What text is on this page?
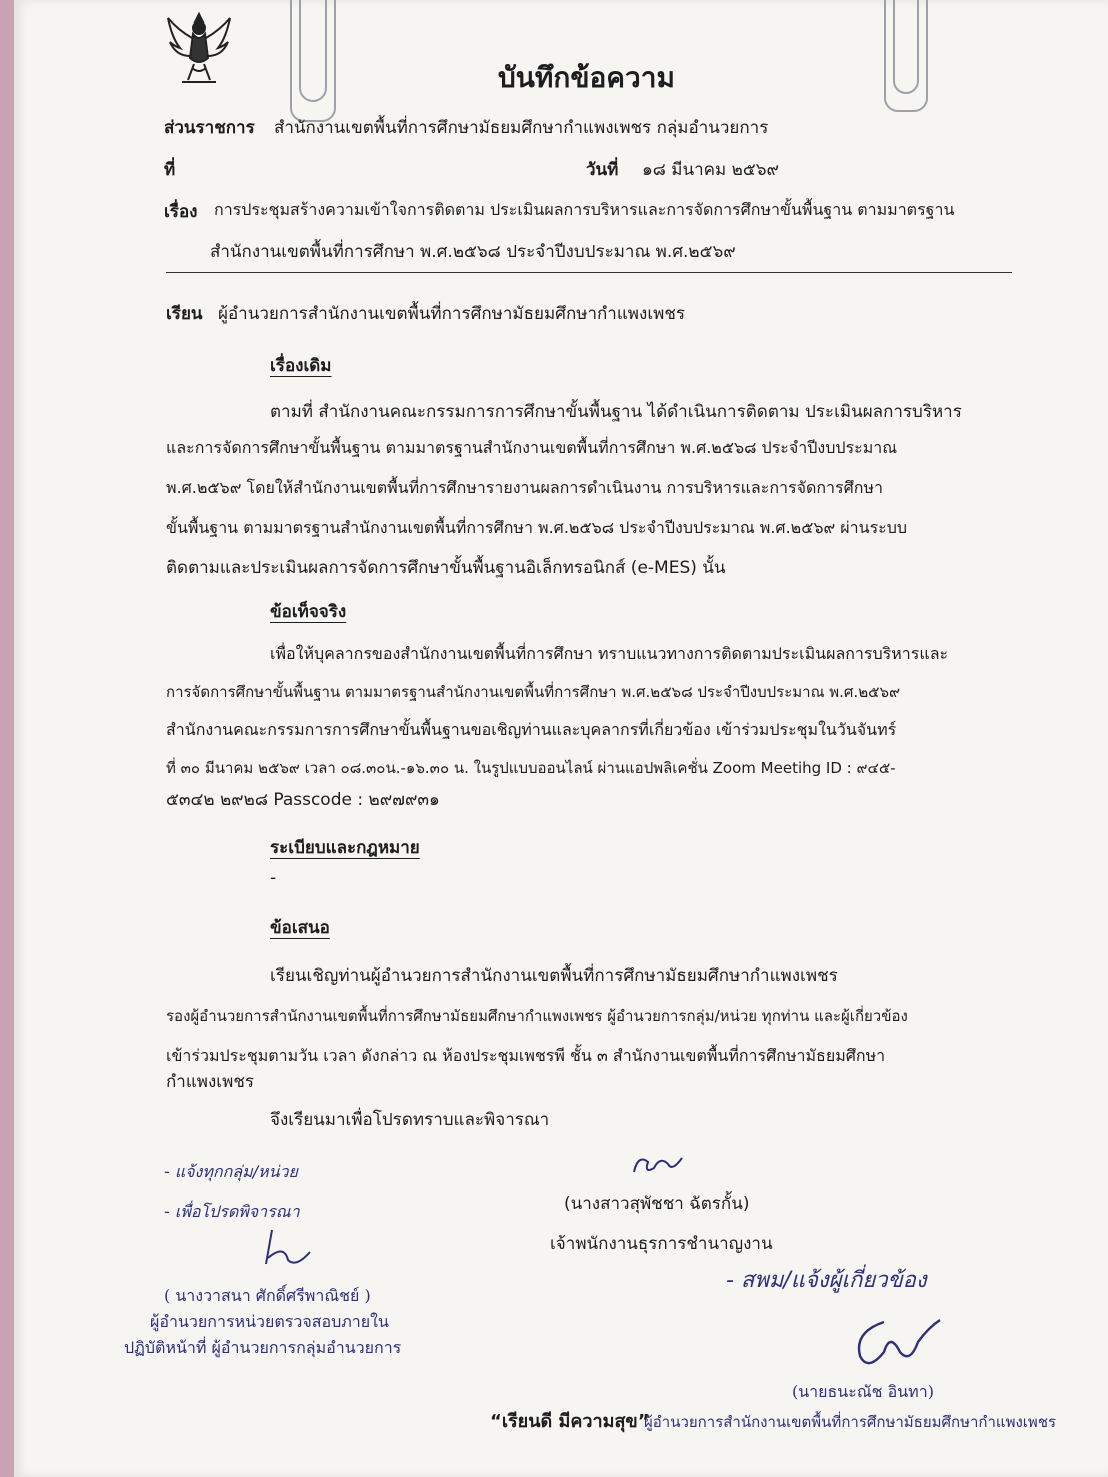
บันทึกข้อความ
ส่วนราชการ สำนักงานเขตพื้นที่การศึกษามัธยมศึกษากำแพงเพชร กลุ่มอำนวยการ
ที่	วันที่ ๑๘ มีนาคม ๒๕๖๙
เรื่อง การประชุมสร้างความเข้าใจการติดตาม ประเมินผลการบริหารและการจัดการศึกษาขั้นพื้นฐาน ตามมาตรฐาน
สำนักงานเขตพื้นที่การศึกษา พ.ศ.๒๕๖๘ ประจำปีงบประมาณ พ.ศ.๒๕๖๙
เรียน ผู้อำนวยการสำนักงานเขตพื้นที่การศึกษามัธยมศึกษากำแพงเพชร
เรื่องเดิม
ตามที่ สำนักงานคณะกรรมการการศึกษาขั้นพื้นฐาน ได้ดำเนินการติดตาม ประเมินผลการบริหาร
และการจัดการศึกษาขั้นพื้นฐาน ตามมาตรฐานสำนักงานเขตพื้นที่การศึกษา พ.ศ.๒๕๖๘ ประจำปีงบประมาณ
พ.ศ.๒๕๖๙ โดยให้สำนักงานเขตพื้นที่การศึกษารายงานผลการดำเนินงาน การบริหารและการจัดการศึกษา
ขั้นพื้นฐาน ตามมาตรฐานสำนักงานเขตพื้นที่การศึกษา พ.ศ.๒๕๖๘ ประจำปีงบประมาณ พ.ศ.๒๕๖๙ ผ่านระบบ
ติดตามและประเมินผลการจัดการศึกษาขั้นพื้นฐานอิเล็กทรอนิกส์ (e-MES) นั้น
ข้อเท็จจริง
เพื่อให้บุคลากรของสำนักงานเขตพื้นที่การศึกษา ทราบแนวทางการติดตามประเมินผลการบริหารและ
การจัดการศึกษาขั้นพื้นฐาน ตามมาตรฐานสำนักงานเขตพื้นที่การศึกษา พ.ศ.๒๕๖๘ ประจำปีงบประมาณ พ.ศ.๒๕๖๙
สำนักงานคณะกรรมการการศึกษาขั้นพื้นฐานขอเชิญท่านและบุคลากรที่เกี่ยวข้อง เข้าร่วมประชุมในวันจันทร์
ที่ ๓๐ มีนาคม ๒๕๖๙ เวลา ๐๘.๓๐น.-๑๖.๓๐ น. ในรูปแบบออนไลน์ ผ่านแอปพลิเคชั่น Zoom Meetihg ID : ๙๔๕-
๕๓๔๒ ๒๙๒๘ Passcode : ๒๙๗๙๓๑
ระเบียบและกฎหมาย
-
ข้อเสนอ
เรียนเชิญท่านผู้อำนวยการสำนักงานเขตพื้นที่การศึกษามัธยมศึกษากำแพงเพชร
รองผู้อำนวยการสำนักงานเขตพื้นที่การศึกษามัธยมศึกษากำแพงเพชร ผู้อำนวยการกลุ่ม/หน่วย ทุกท่าน และผู้เกี่ยวข้อง
เข้าร่วมประชุมตามวัน เวลา ดังกล่าว ณ ห้องประชุมเพชรพี ชั้น ๓ สำนักงานเขตพื้นที่การศึกษามัธยมศึกษา
กำแพงเพชร
จึงเรียนมาเพื่อโปรดทราบและพิจารณา
(นางสาวสุพัชชา ฉัตรกั้น)
เจ้าพนักงานธุรการชำนาญงาน
- แจ้งทุกกลุ่ม/หน่วย
- เพื่อโปรดพิจารณา
( นางวาสนา ศักดิ์ศรีพาณิชย์ )
ผู้อำนวยการหน่วยตรวจสอบภายใน
ปฏิบัติหน้าที่ ผู้อำนวยการกลุ่มอำนวยการ
- สพม/แจ้งผู้เกี่ยวข้อง
(นายธนะณัช อินทา)
ผู้อำนวยการสำนักงานเขตพื้นที่การศึกษามัธยมศึกษากำแพงเพชร
“เรียนดี มีความสุข”
